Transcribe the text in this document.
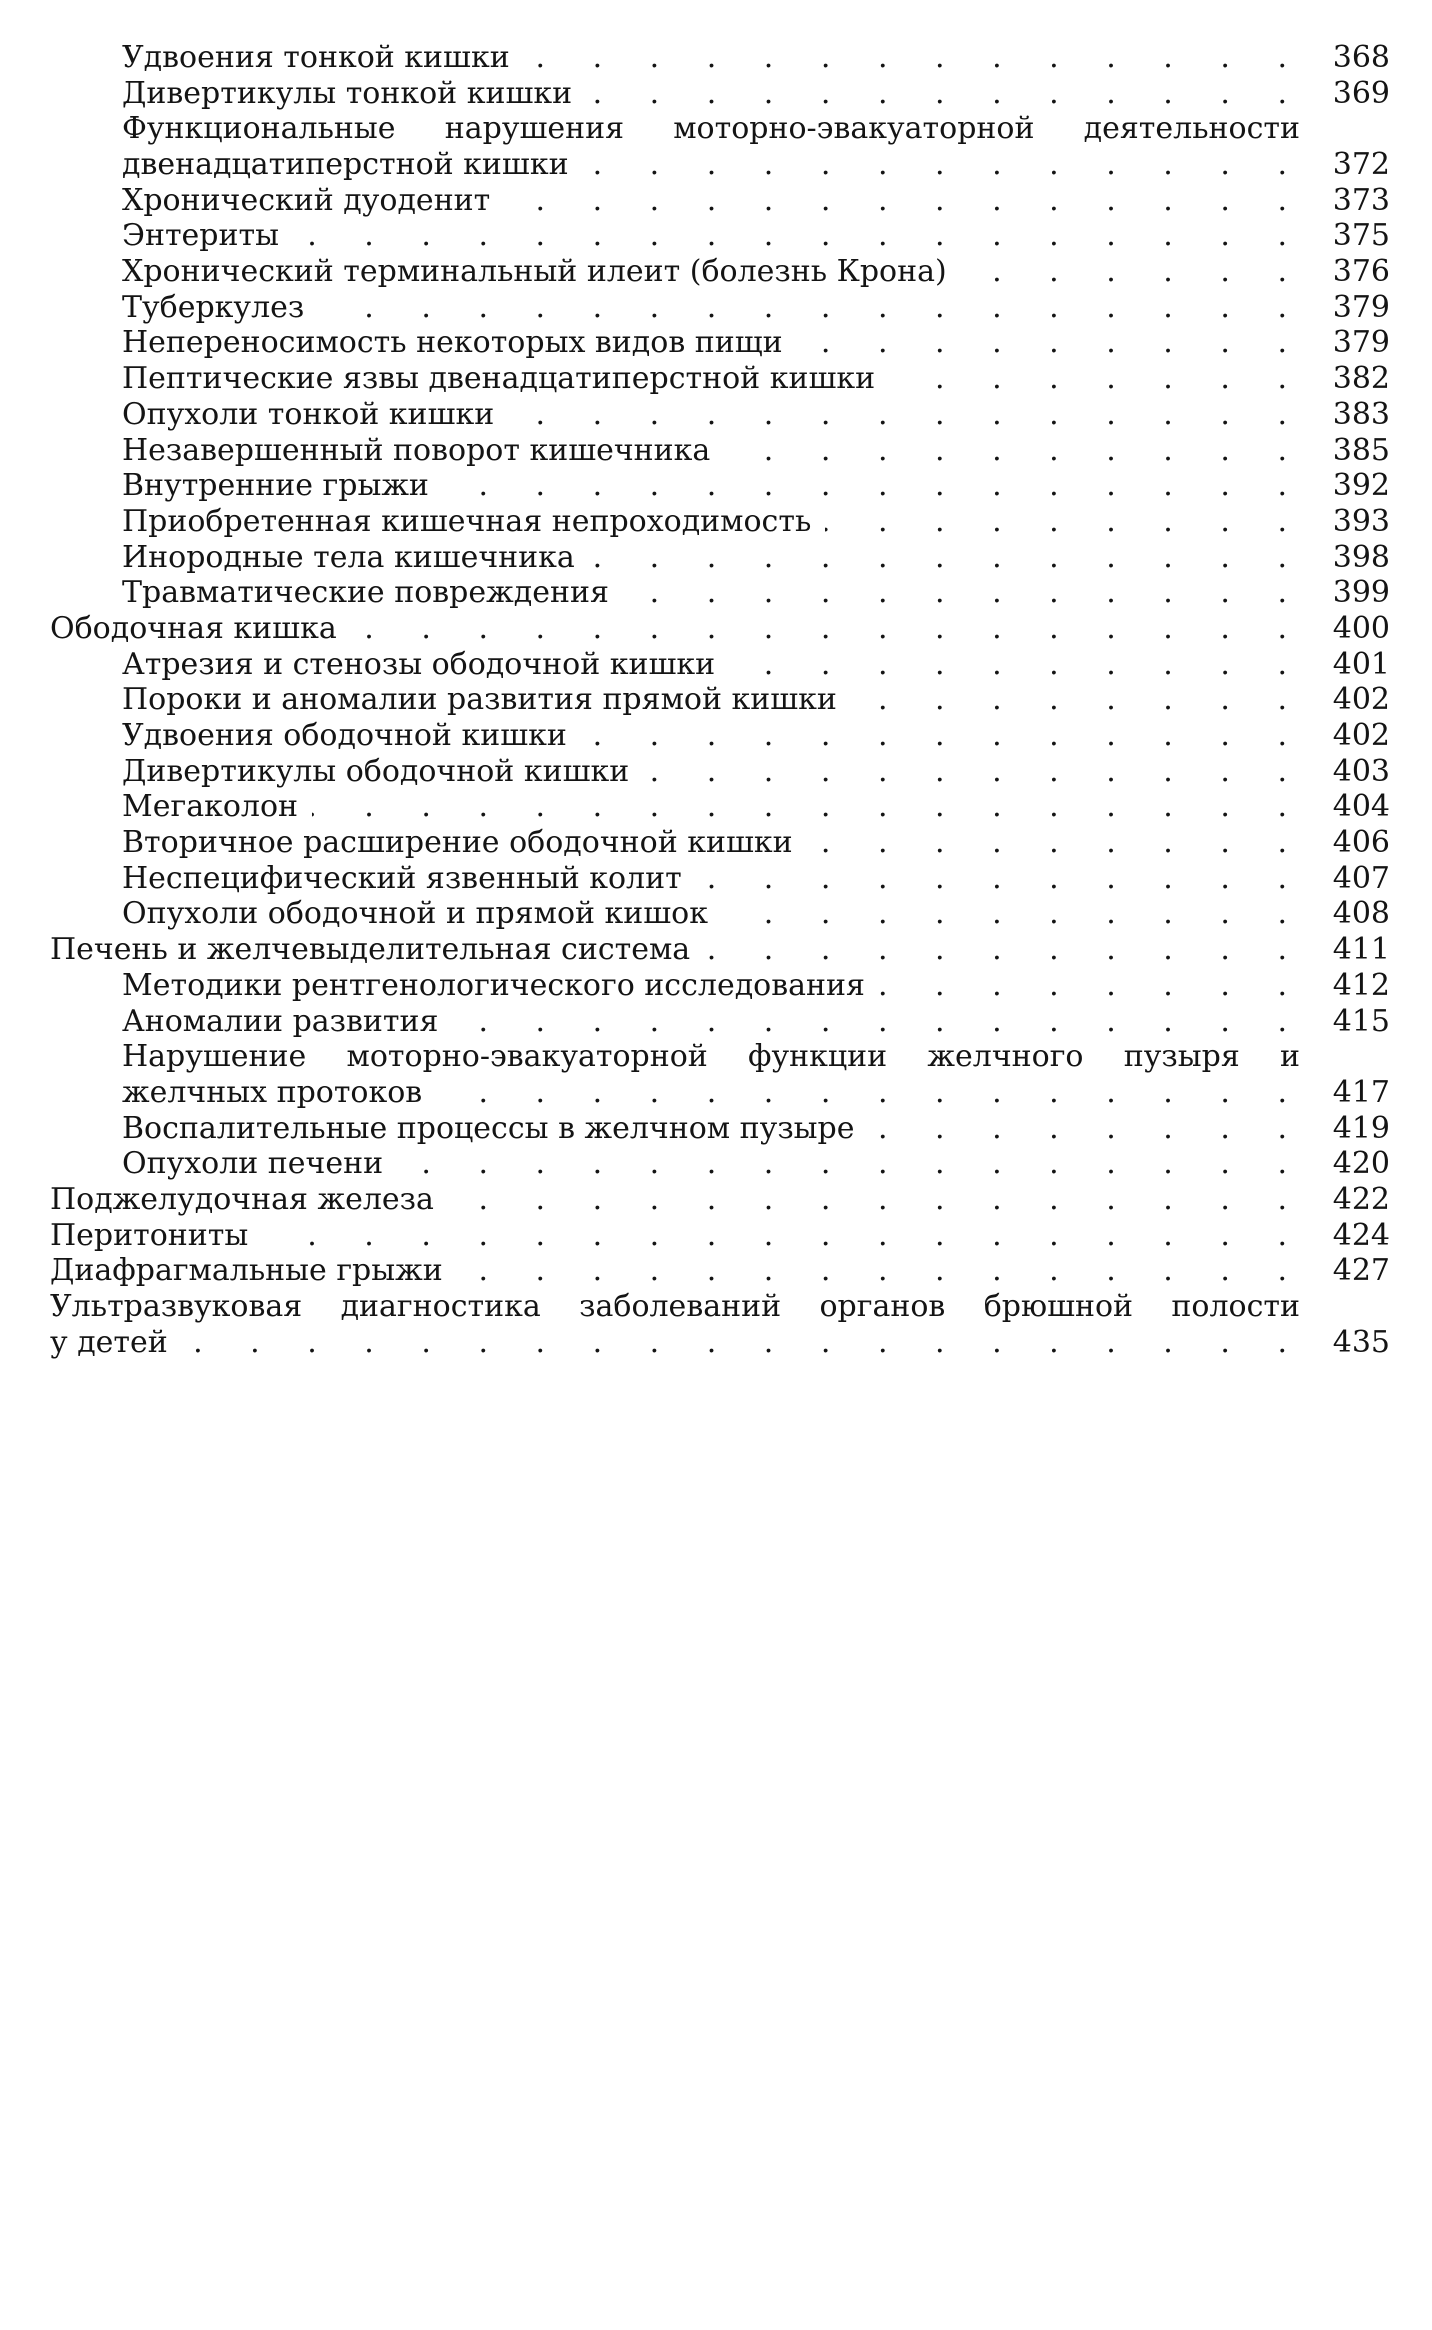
Удвоения тонкой кишки . . .	368
Дивертикулы тонкой кишки . . .	369
Функциональные нарушения моторно-эвакуаторной деятельности
двенадцатиперстной кишки . . .	372
Хронический дуоденит . . .	373
Энтериты . . .	375
Хронический терминальный илеит (болезнь Крона) . . .	376
Туберкулез . . .	379
Непереносимость некоторых видов пищи . . .	379
Пептические язвы двенадцатиперстной кишки . . .	382
Опухоли тонкой кишки . . .	383
Незавершенный поворот кишечника . . .	385
Внутренние грыжи . . .	392
Приобретенная кишечная непроходимость . . .	393
Инородные тела кишечника . . .	398
Травматические повреждения . . .	399
Ободочная кишка . . .	400
Атрезия и стенозы ободочной кишки . . .	401
Пороки и аномалии развития прямой кишки . . .	402
Удвоения ободочной кишки . . .	402
Дивертикулы ободочной кишки . . .	403
Мегаколон . . .	404
Вторичное расширение ободочной кишки . . .	406
Неспецифический язвенный колит . . .	407
Опухоли ободочной и прямой кишок . . .	408
Печень и желчевыделительная система . . .	411
Методики рентгенологического исследования . . .	412
Аномалии развития . . .	415
Нарушение моторно-эвакуаторной функции желчного пузыря и
желчных протоков . . .	417
Воспалительные процессы в желчном пузыре . . .	419
Опухоли печени . . .	420
Поджелудочная железа . . .	422
Перитониты . . .	424
Диафрагмальные грыжи . . .	427
Ультразвуковая диагностика заболеваний органов брюшной полости
у детей . . .	435
